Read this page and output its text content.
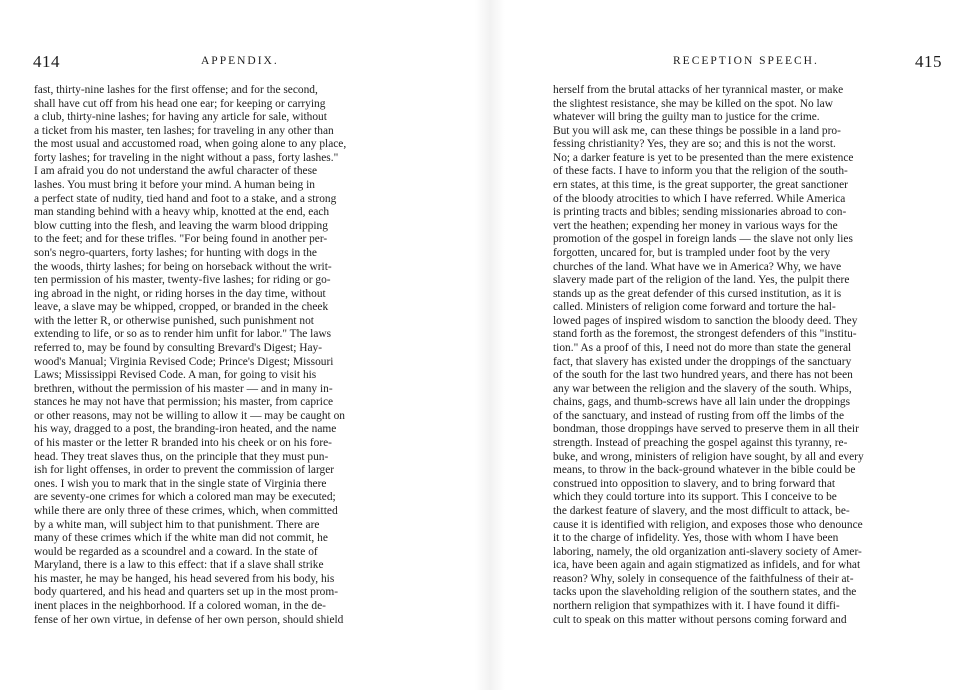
414	APPENDIX.
fast, thirty-nine lashes for the first offense; and for the second,
shall have cut off from his head one ear; for keeping or carrying
a club, thirty-nine lashes; for having any article for sale, without
a ticket from his master, ten lashes; for traveling in any other than
the most usual and accustomed road, when going alone to any place,
forty lashes; for traveling in the night without a pass, forty lashes."
I am afraid you do not understand the awful character of these
lashes. You must bring it before your mind. A human being in
a perfect state of nudity, tied hand and foot to a stake, and a strong
man standing behind with a heavy whip, knotted at the end, each
blow cutting into the flesh, and leaving the warm blood dripping
to the feet; and for these trifles. "For being found in another per-
son's negro-quarters, forty lashes; for hunting with dogs in the
the woods, thirty lashes; for being on horseback without the writ-
ten permission of his master, twenty-five lashes; for riding or go-
ing abroad in the night, or riding horses in the day time, without
leave, a slave may be whipped, cropped, or branded in the cheek
with the letter R, or otherwise punished, such punishment not
extending to life, or so as to render him unfit for labor." The laws
referred to, may be found by consulting Brevard's Digest; Hay-
wood's Manual; Virginia Revised Code; Prince's Digest; Missouri
Laws; Mississippi Revised Code. A man, for going to visit his
brethren, without the permission of his master — and in many in-
stances he may not have that permission; his master, from caprice
or other reasons, may not be willing to allow it — may be caught on
his way, dragged to a post, the branding-iron heated, and the name
of his master or the letter R branded into his cheek or on his fore-
head. They treat slaves thus, on the principle that they must pun-
ish for light offenses, in order to prevent the commission of larger
ones. I wish you to mark that in the single state of Virginia there
are seventy-one crimes for which a colored man may be executed;
while there are only three of these crimes, which, when committed
by a white man, will subject him to that punishment. There are
many of these crimes which if the white man did not commit, he
would be regarded as a scoundrel and a coward. In the state of
Maryland, there is a law to this effect: that if a slave shall strike
his master, he may be hanged, his head severed from his body, his
body quartered, and his head and quarters set up in the most prom-
inent places in the neighborhood. If a colored woman, in the de-
fense of her own virtue, in defense of her own person, should shield
RECEPTION SPEECH.	415
herself from the brutal attacks of her tyrannical master, or make
the slightest resistance, she may be killed on the spot. No law
whatever will bring the guilty man to justice for the crime.
But you will ask me, can these things be possible in a land pro-
fessing christianity? Yes, they are so; and this is not the worst.
No; a darker feature is yet to be presented than the mere existence
of these facts. I have to inform you that the religion of the south-
ern states, at this time, is the great supporter, the great sanctioner
of the bloody atrocities to which I have referred. While America
is printing tracts and bibles; sending missionaries abroad to con-
vert the heathen; expending her money in various ways for the
promotion of the gospel in foreign lands — the slave not only lies
forgotten, uncared for, but is trampled under foot by the very
churches of the land. What have we in America? Why, we have
slavery made part of the religion of the land. Yes, the pulpit there
stands up as the great defender of this cursed institution, as it is
called. Ministers of religion come forward and torture the hal-
lowed pages of inspired wisdom to sanction the bloody deed. They
stand forth as the foremost, the strongest defenders of this "institu-
tion." As a proof of this, I need not do more than state the general
fact, that slavery has existed under the droppings of the sanctuary
of the south for the last two hundred years, and there has not been
any war between the religion and the slavery of the south. Whips,
chains, gags, and thumb-screws have all lain under the droppings
of the sanctuary, and instead of rusting from off the limbs of the
bondman, those droppings have served to preserve them in all their
strength. Instead of preaching the gospel against this tyranny, re-
buke, and wrong, ministers of religion have sought, by all and every
means, to throw in the back-ground whatever in the bible could be
construed into opposition to slavery, and to bring forward that
which they could torture into its support. This I conceive to be
the darkest feature of slavery, and the most difficult to attack, be-
cause it is identified with religion, and exposes those who denounce
it to the charge of infidelity. Yes, those with whom I have been
laboring, namely, the old organization anti-slavery society of Amer-
ica, have been again and again stigmatized as infidels, and for what
reason? Why, solely in consequence of the faithfulness of their at-
tacks upon the slaveholding religion of the southern states, and the
northern religion that sympathizes with it. I have found it diffi-
cult to speak on this matter without persons coming forward and
